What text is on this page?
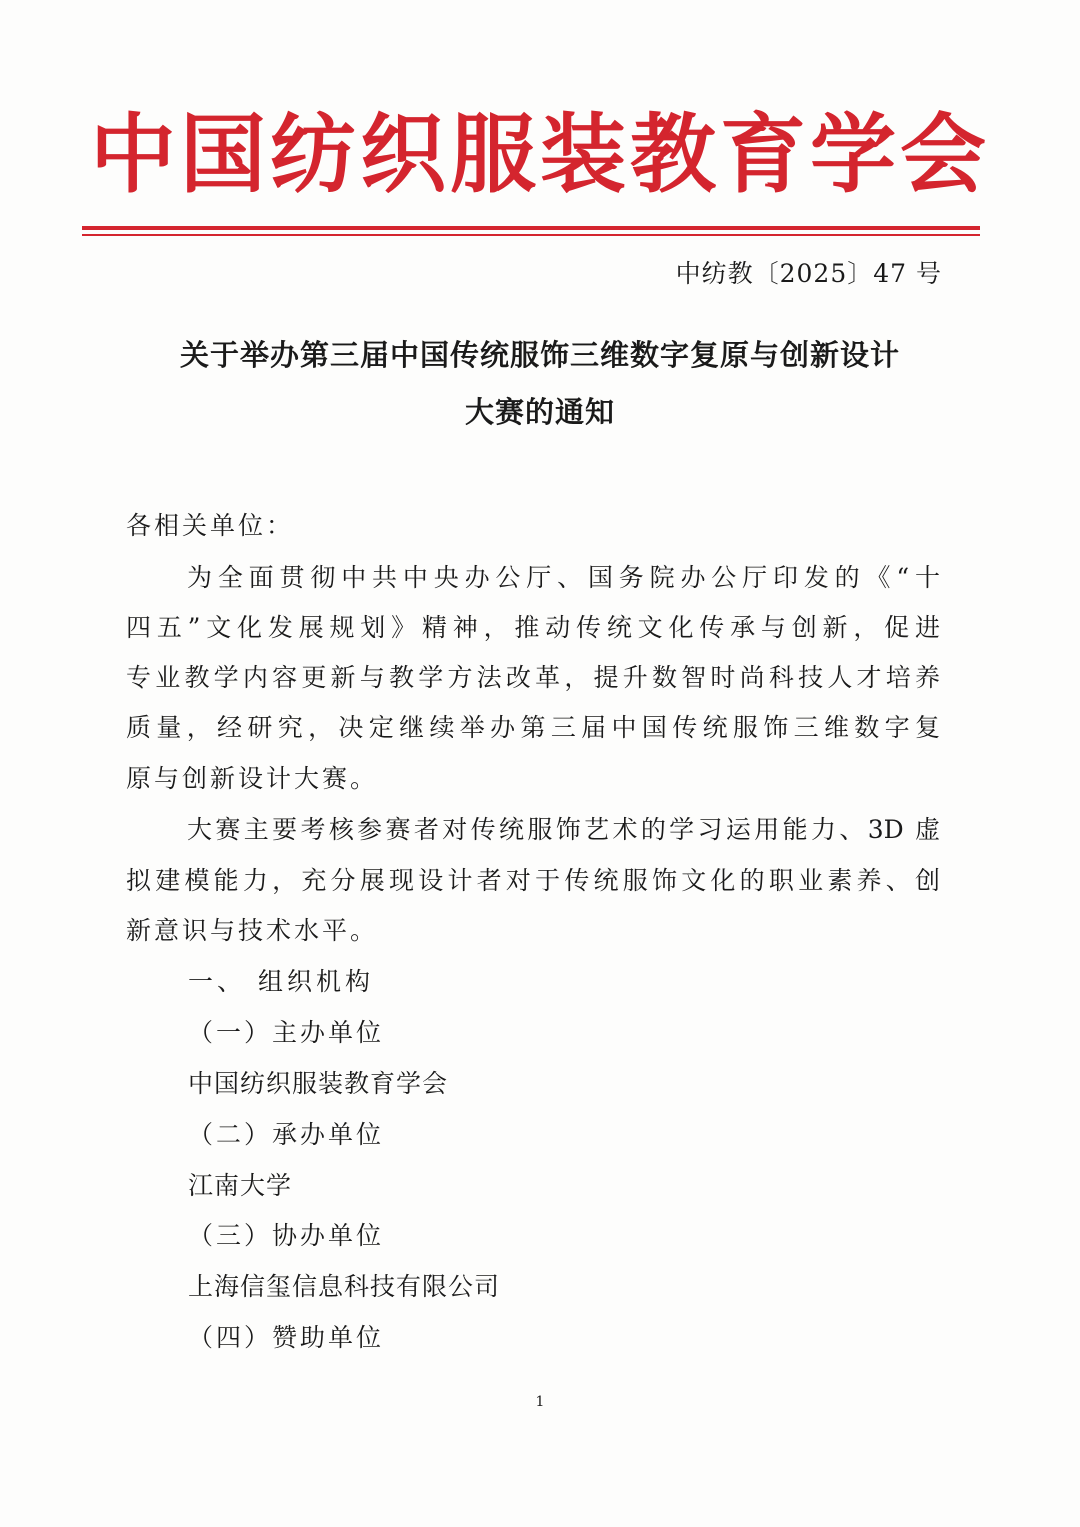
中国纺织服装教育学会
中纺教〔2025〕47 号
关于举办第三届中国传统服饰三维数字复原与创新设计
大赛的通知
各相关单位：
为全面贯彻中共中央办公厅、国务院办公厅印发的《“十
四五”文化发展规划》精神，推动传统文化传承与创新，促进
专业教学内容更新与教学方法改革，提升数智时尚科技人才培养
质量，经研究，决定继续举办第三届中国传统服饰三维数字复
原与创新设计大赛。
大赛主要考核参赛者对传统服饰艺术的学习运用能力、3D 虚
拟建模能力，充分展现设计者对于传统服饰文化的职业素养、创
新意识与技术水平。
一、 组织机构
（一）主办单位
中国纺织服装教育学会
（二）承办单位
江南大学
（三）协办单位
上海信玺信息科技有限公司
（四）赞助单位
1
